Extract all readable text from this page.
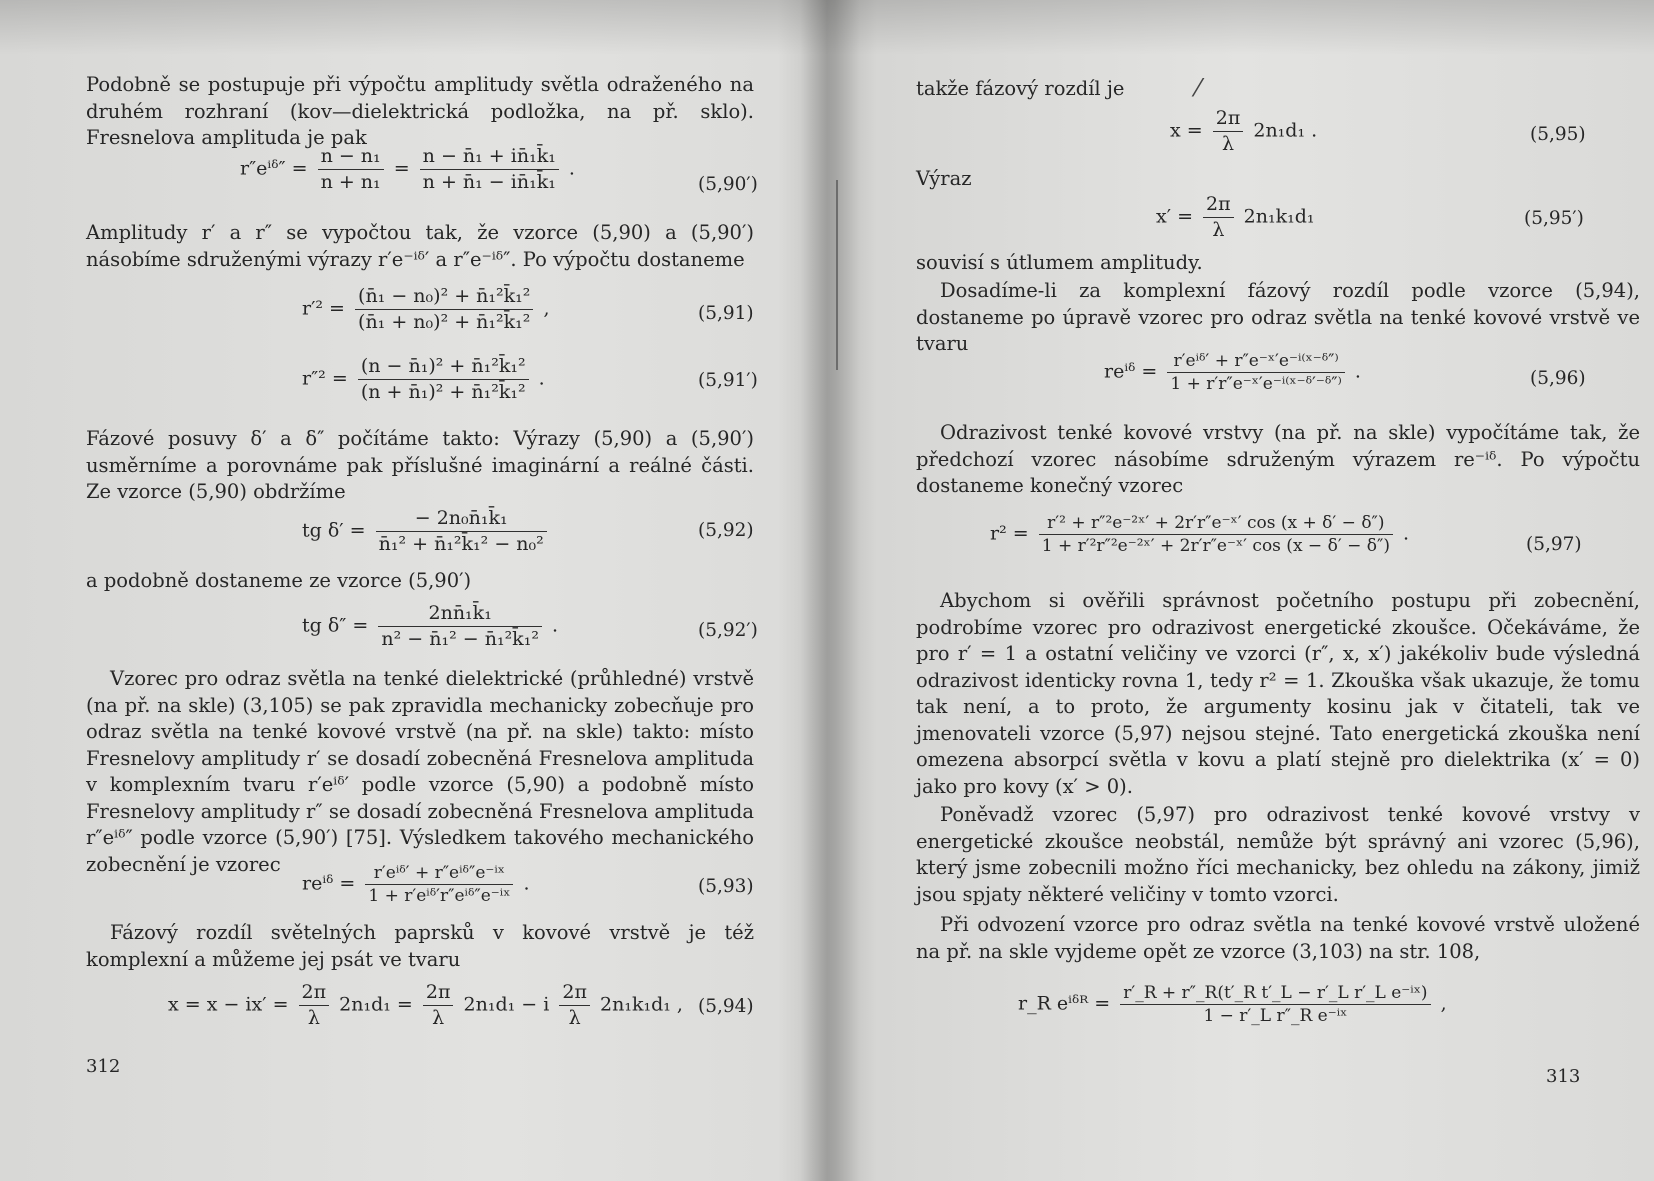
Podobně se postupuje při výpočtu amplitudy světla odraženého na druhém rozhraní (kov—dielektrická podložka, na př. sklo). Fresnelova amplituda je pak

r″eⁱᵟ″ = $\frac{\text{n − n₁}}{\text{n + n₁}} = \frac{\text{n − n̄₁ + in̄₁k̄₁}}{\text{n + n̄₁ − in̄₁k̄₁}}$ .
(5,90′)

Amplitudy r′ a r″ se vypočtou tak, že vzorce (5,90) a (5,90′) násobíme sdruženými výrazy r′e⁻ⁱᵟ′ a r″e⁻ⁱᵟ″. Po výpočtu dostaneme

$r'^2 = \frac{\text{(n̄₁ − n₀)² + n̄₁²k̄₁²}}{\text{(n̄₁ + n₀)² + n̄₁²k̄₁²}}$ ,	(5,91)
$r''^2 = \frac{\text{(n − n̄₁)² + n̄₁²k̄₁²}}{\text{(n + n̄₁)² + n̄₁²k̄₁²}}$ .	(5,91′)

Fázové posuvy δ′ a δ″ počítáme takto: Výrazy (5,90) a (5,90′) usměrníme a porovnáme pak příslušné imaginární a reálné části. Ze vzorce (5,90) obdržíme

tg $\delta' = \frac{\text{− 2n₀n̄₁k̄₁}}{\text{n̄₁² + n̄₁²k̄₁² − n₀²}}$	(5,92)

a podobně dostaneme ze vzorce (5,90′)

tg $\delta'' = \frac{\text{2nn̄₁k̄₁}}{\text{n² − n̄₁² − n̄₁²k̄₁²}}$ .	(5,92′)

Vzorec pro odraz světla na tenké dielektrické (průhledné) vrstvě (na př. na skle) (3,105) se pak zpravidla mechanicky zobecňuje pro odraz světla na tenké kovové vrstvě (na př. na skle) takto: místo Fresnelovy amplitudy r′ se dosadí zobecněná Fresnelova amplituda v komplexním tvaru r′eⁱᵟ′ podle vzorce (5,90) a podobně místo Fresnelovy amplitudy r″ se dosadí zobecněná Fresnelova amplituda r″eⁱᵟ″ podle vzorce (5,90′) [75]. Výsledkem takového mechanického zobecnění je vzorec

reⁱᵟ = $\frac{\text{r′eⁱᵟ′ + r″eⁱᵟ″e⁻ⁱˣ}}{\text{1 + r′eⁱᵟ′r″eⁱᵟ″e⁻ⁱˣ}}$ .	(5,93)

Fázový rozdíl světelných paprsků v kovové vrstvě je též komplexní a můžeme jej psát ve tvaru

$x = x - ix' = \frac{2\pi}{\lambda} 2n_1d_1 = \frac{2\pi}{\lambda} 2n_1d_1 - i \frac{2\pi}{\lambda} 2n_1k_1d_1$ , (5,94)
312
⁄

takže fázový rozdíl je

$x = \frac{2\pi}{\lambda} 2n_1d_1$ .	(5,95)

Výraz

$x' = \frac{2\pi}{\lambda} 2n_1k_1d_1$	(5,95′)

souvisí s útlumem amplitudy.

Dosadíme-li za komplexní fázový rozdíl podle vzorce (5,94), dostaneme po úpravě vzorec pro odraz světla na tenké kovové vrstvě ve tvaru

reⁱᵟ = $\frac{\text{r′eⁱᵟ′ + r″e⁻ˣ′e⁻ⁱ⁽ˣ⁻ᵟ″⁾}}{\text{1 + r′r″e⁻ˣ′e⁻ⁱ⁽ˣ⁻ᵟ′⁻ᵟ″⁾}}$ .	(5,96)

Odrazivost tenké kovové vrstvy (na př. na skle) vypočítáme tak, že předchozí vzorec násobíme sdruženým výrazem re⁻ⁱᵟ. Po výpočtu dostaneme konečný vzorec

$r^2 = \frac{\text{r′² + r″²e⁻²ˣ′ + 2r′r″e⁻ˣ′ cos (x + δ′ − δ″)}}{\text{1 + r′²r″²e⁻²ˣ′ + 2r′r″e⁻ˣ′ cos (x − δ′ − δ″)}}$ .	(5,97)

Abychom si ověřili správnost početního postupu při zobecnění, podrobíme vzorec pro odrazivost energetické zkoušce. Očekáváme, že pro r′ = 1 a ostatní veličiny ve vzorci (r″, x, x′) jakékoliv bude výsledná odrazivost identicky rovna 1, tedy r² = 1. Zkouška však ukazuje, že tomu tak není, a to proto, že argumenty kosinu jak v čitateli, tak ve jmenovateli vzorce (5,97) nejsou stejné. Tato energetická zkouška není omezena absorpcí světla v kovu a platí stejně pro dielektrika (x′ = 0) jako pro kovy (x′ > 0).

Poněvadž vzorec (5,97) pro odrazivost tenké kovové vrstvy v energetické zkoušce neobstál, nemůže být správný ani vzorec (5,96), který jsme zobecnili možno říci mechanicky, bez ohledu na zákony, jimiž jsou spjaty některé veličiny v tomto vzorci.

Při odvození vzorce pro odraz světla na tenké kovové vrstvě uložené na př. na skle vyjdeme opět ze vzorce (3,103) na str. 108,

r_R eⁱᵟᴿ = $\frac{\text{r′\_R + r″\_R(t′\_R t′\_L − r′\_L r′\_L e⁻ⁱˣ)}}{\text{1 − r′\_L r″\_R e⁻ⁱˣ}}$ ,
313
